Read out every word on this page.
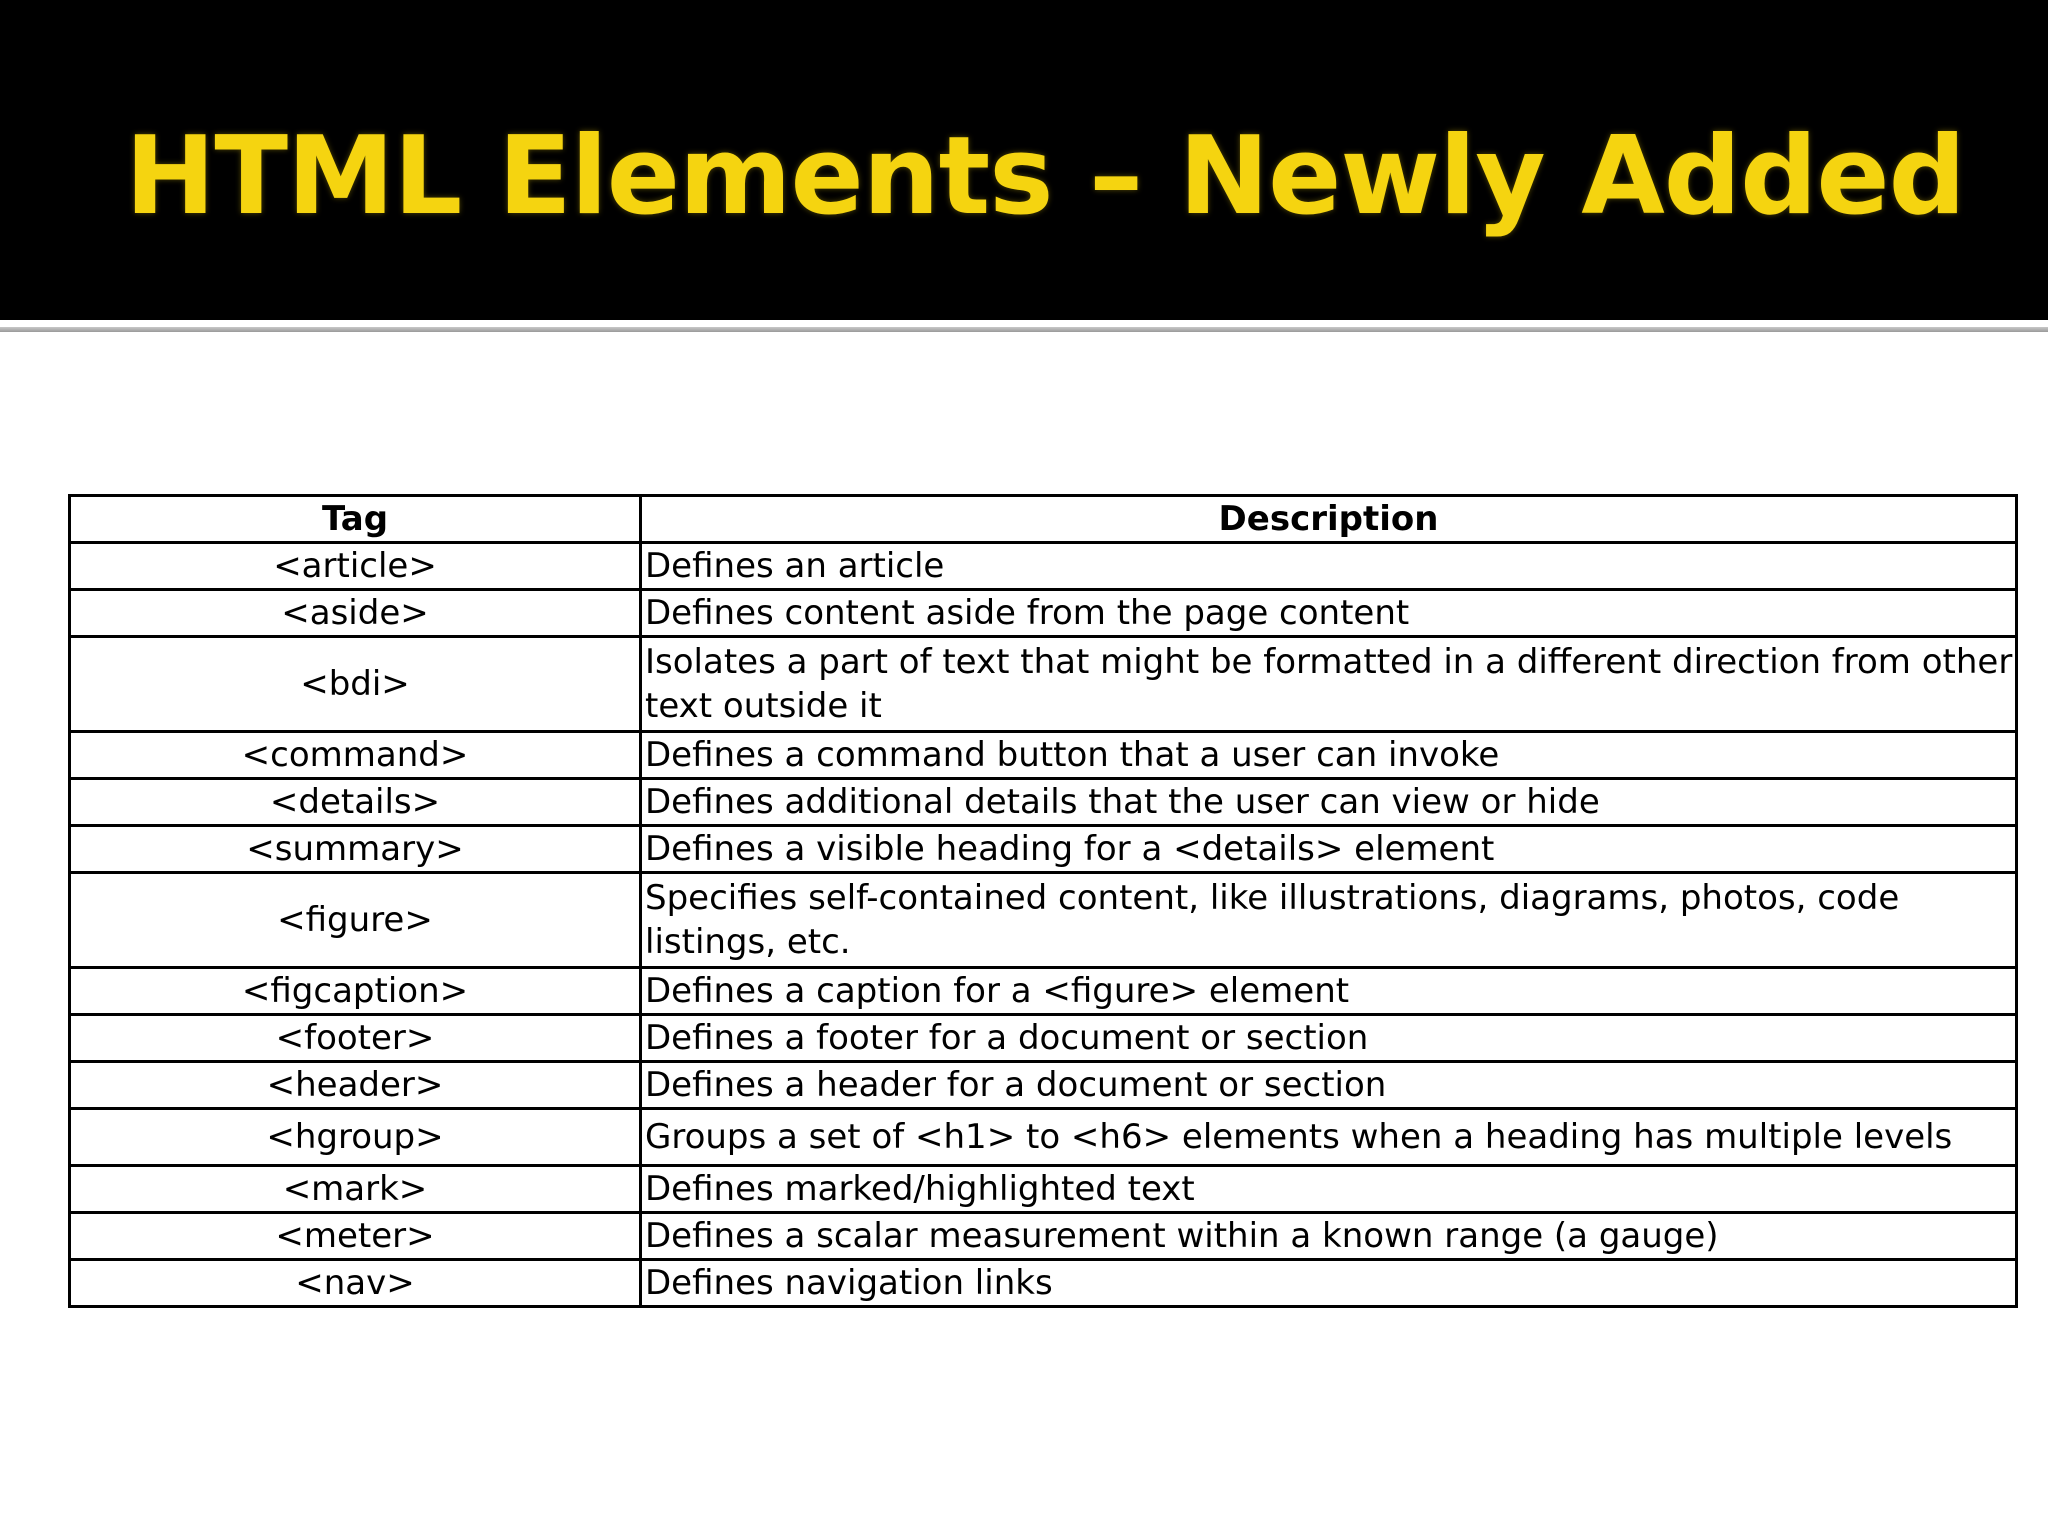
HTML Elements – Newly Added
Tag	Description
<article>	Defines an article
<aside>	Defines content aside from the page content
<bdi>	Isolates a part of text that might be formatted in a different direction from other text outside it
<command>	Defines a command button that a user can invoke
<details>	Defines additional details that the user can view or hide
<summary>	Defines a visible heading for a <details> element
<figure>	Specifies self-contained content, like illustrations, diagrams, photos, code listings, etc.
<figcaption>	Defines a caption for a <figure> element
<footer>	Defines a footer for a document or section
<header>	Defines a header for a document or section
<hgroup>	Groups a set of <h1> to <h6> elements when a heading has multiple levels
<mark>	Defines marked/highlighted text
<meter>	Defines a scalar measurement within a known range (a gauge)
<nav>	Defines navigation links
